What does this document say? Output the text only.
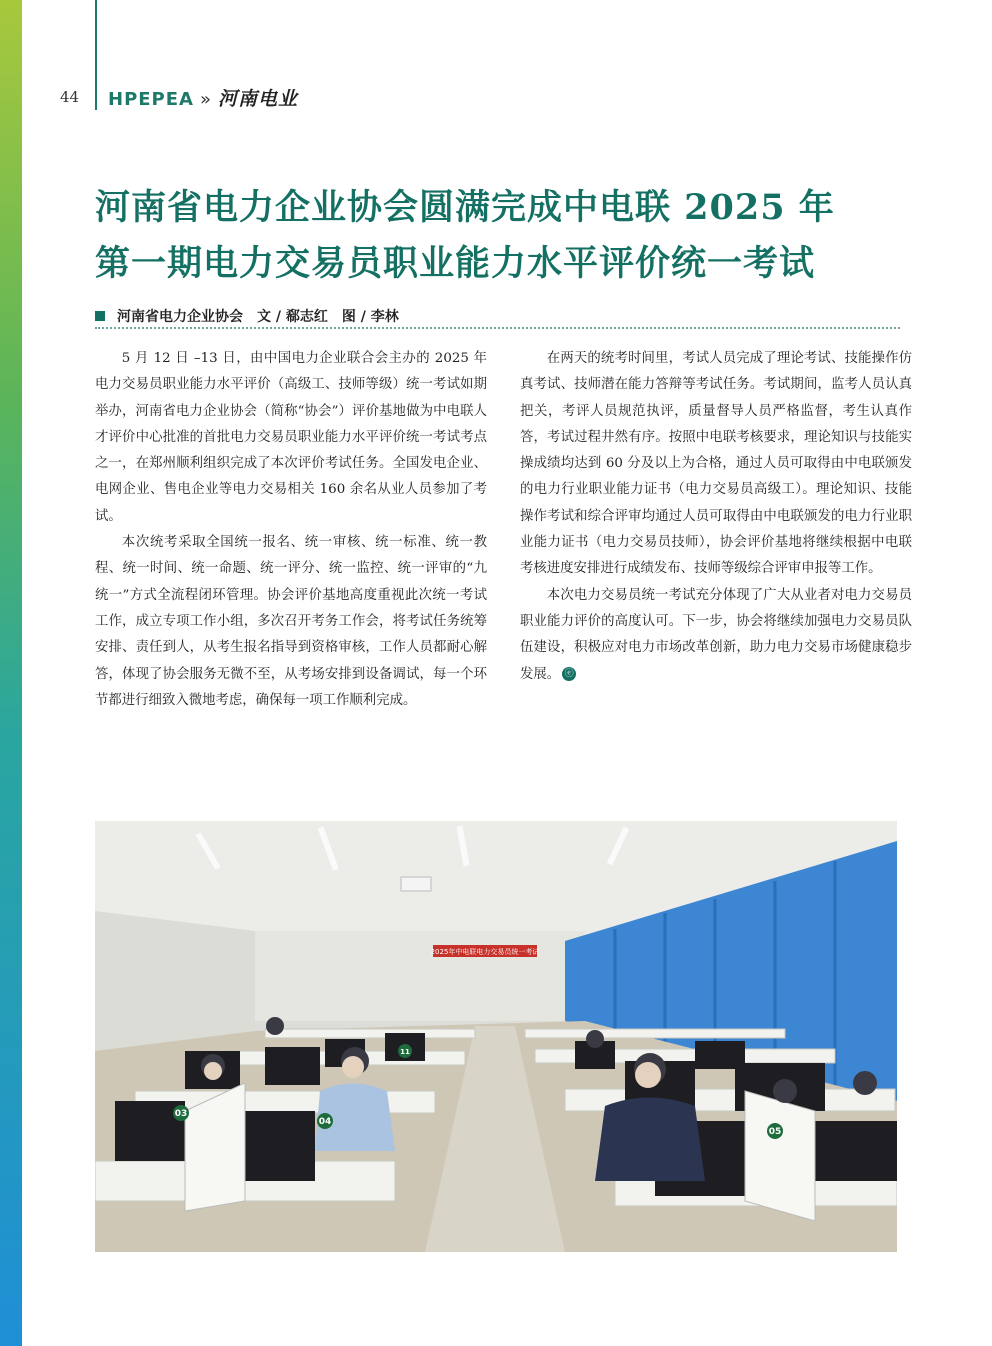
44 HPEPEA » 河南电业
河南省电力企业协会圆满完成中电联 2025 年
第一期电力交易员职业能力水平评价统一考试
河南省电力企业协会 文 / 郗志红 图 / 李林

5 月 12 日 –13 日，由中国电力企业联合会主办的 2025 年电力交易员职业能力水平评价（高级工、技师等级）统一考试如期举办，河南省电力企业协会（简称“协会”）评价基地做为中电联人才评价中心批准的首批电力交易员职业能力水平评价统一考试考点之一，在郑州顺利组织完成了本次评价考试任务。全国发电企业、电网企业、售电企业等电力交易相关 160 余名从业人员参加了考试。

本次统考采取全国统一报名、统一审核、统一标准、统一教程、统一时间、统一命题、统一评分、统一监控、统一评审的“九统一”方式全流程闭环管理。协会评价基地高度重视此次统一考试工作，成立专项工作小组，多次召开考务工作会，将考试任务统筹安排、责任到人，从考生报名指导到资格审核，工作人员都耐心解答，体现了协会服务无微不至，从考场安排到设备调试，每一个环节都进行细致入微地考虑，确保每一项工作顺利完成。

在两天的统考时间里，考试人员完成了理论考试、技能操作仿真考试、技师潜在能力答辩等考试任务。考试期间，监考人员认真把关，考评人员规范执评，质量督导人员严格监督，考生认真作答，考试过程井然有序。按照中电联考核要求，理论知识与技能实操成绩均达到 60 分及以上为合格，通过人员可取得由中电联颁发的电力行业职业能力证书（电力交易员高级工）。理论知识、技能操作考试和综合评审均通过人员可取得由中电联颁发的电力行业职业能力证书（电力交易员技师），协会评价基地将继续根据中电联考核进度安排进行成绩发布、技师等级综合评审申报等工作。

本次电力交易员统一考试充分体现了广大从业者对电力交易员职业能力评价的高度认可。下一步，协会将继续加强电力交易员队伍建设，积极应对电力市场改革创新，助力电力交易市场健康稳步发展。 ⓔ

2025年中电联电力交易员统一考试
03
04
05
11
